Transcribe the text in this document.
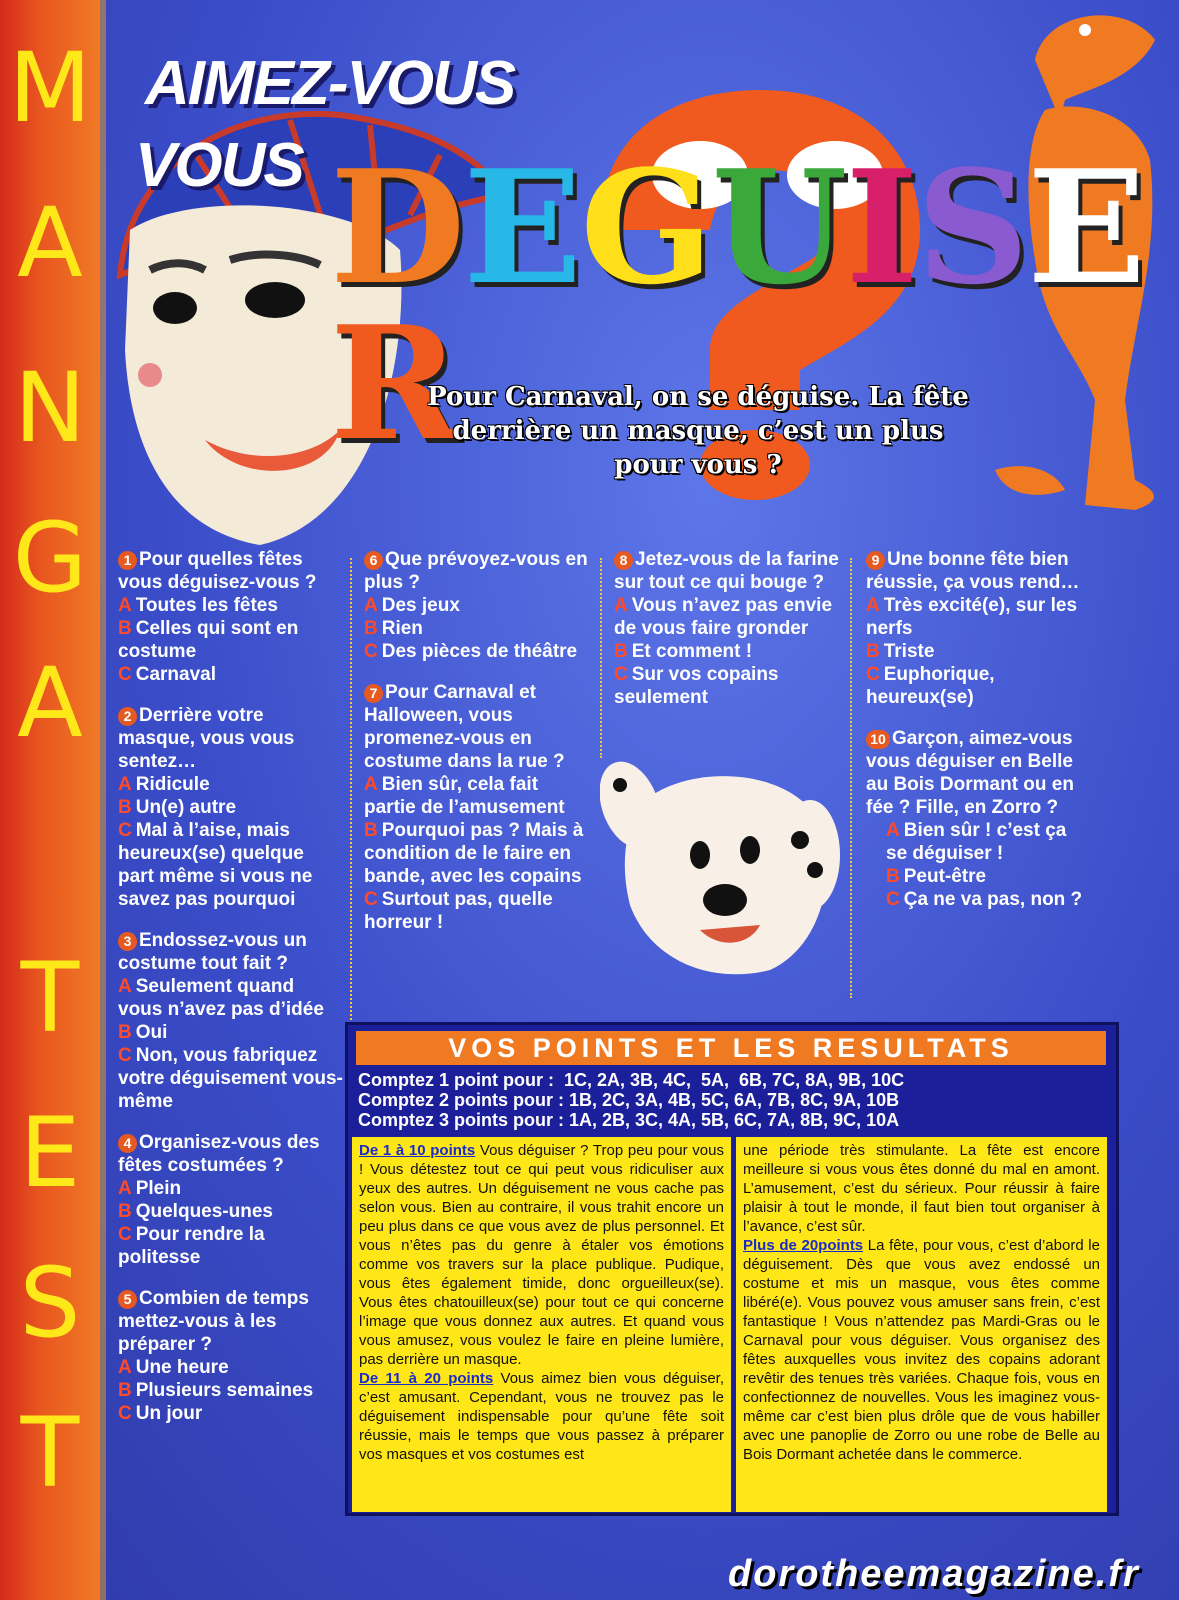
M
A
N
G
A
T
E
S
T
AIMEZ-VOUS
VOUS DEGUISER
Pour Carnaval, on se déguise. La fête derrière un masque, c’est un plus pour vous ?
1 Pour quelles fêtes vous déguisez-vous ?
A Toutes les fêtes
B Celles qui sont en costume
C Carnaval
2 Derrière votre masque, vous vous sentez…
A Ridicule
B Un(e) autre
C Mal à l’aise, mais heureux(se) quelque part même si vous ne savez pas pourquoi
3 Endossez-vous un costume tout fait ?
A Seulement quand vous n’avez pas d’idée
B Oui
C Non, vous fabriquez votre déguisement vous-même
4 Organisez-vous des fêtes costumées ?
A Plein
B Quelques-unes
C Pour rendre la politesse
5 Combien de temps mettez-vous à les préparer ?
A Une heure
B Plusieurs semaines
C Un jour
6 Que prévoyez-vous en plus ?
A Des jeux
B Rien
C Des pièces de théâtre
7 Pour Carnaval et Halloween, vous promenez-vous en costume dans la rue ?
A Bien sûr, cela fait partie de l’amusement
B Pourquoi pas ? Mais à condition de le faire en bande, avec les copains
C Surtout pas, quelle horreur !
8 Jetez-vous de la farine sur tout ce qui bouge ?
A Vous n’avez pas envie de vous faire gronder
B Et comment !
C Sur vos copains seulement
9 Une bonne fête bien réussie, ça vous rend…
A Très excité(e), sur les nerfs
B Triste
C Euphorique, heureux(se)
10 Garçon, aimez-vous vous déguiser en Belle au Bois Dormant ou en fée ? Fille, en Zorro ?
A Bien sûr ! c’est ça se déguiser !
B Peut-être
C Ça ne va pas, non ?
VOS POINTS ET LES RESULTATS
Comptez 1 point pour :  1C, 2A, 3B, 4C,  5A,  6B, 7C, 8A, 9B, 10C
Comptez 2 points pour : 1B, 2C, 3A, 4B, 5C, 6A, 7B, 8C, 9A, 10B
Comptez 3 points pour : 1A, 2B, 3C, 4A, 5B, 6C, 7A, 8B, 9C, 10A
De 1 à 10 points Vous déguiser ? Trop peu pour vous ! Vous détestez tout ce qui peut vous ridiculiser aux yeux des autres. Un déguisement ne vous cache pas selon vous. Bien au contraire, il vous trahit encore un peu plus dans ce que vous avez de plus personnel. Et vous n’êtes pas du genre à étaler vos émotions comme vos travers sur la place publique. Pudique, vous êtes également timide, donc orgueilleux(se). Vous êtes chatouilleux(se) pour tout ce qui concerne l’image que vous donnez aux autres. Et quand vous vous amusez, vous voulez le faire en pleine lumière, pas derrière un masque.
De 11 à 20 points Vous aimez bien vous déguiser, c’est amusant. Cependant, vous ne trouvez pas le déguisement indispensable pour qu’une fête soit réussie, mais le temps que vous passez à préparer vos masques et vos costumes est
une période très stimulante. La fête est encore meilleure si vous vous êtes donné du mal en amont. L’amusement, c’est du sérieux. Pour réussir à faire plaisir à tout le monde, il faut bien tout organiser à l’avance, c’est sûr.
Plus de 20points La fête, pour vous, c’est d’abord le déguisement. Dès que vous avez endossé un costume et mis un masque, vous êtes comme libéré(e). Vous pouvez vous amuser sans frein, c’est fantastique ! Vous n’attendez pas Mardi-Gras ou le Carnaval pour vous déguiser. Vous organisez des fêtes auxquelles vous invitez des copains adorant revêtir des tenues très variées. Chaque fois, vous en confectionnez de nouvelles. Vous les imaginez vous-même car c’est bien plus drôle que de vous habiller avec une panoplie de Zorro ou une robe de Belle au Bois Dormant achetée dans le commerce.
dorotheemagazine.fr
